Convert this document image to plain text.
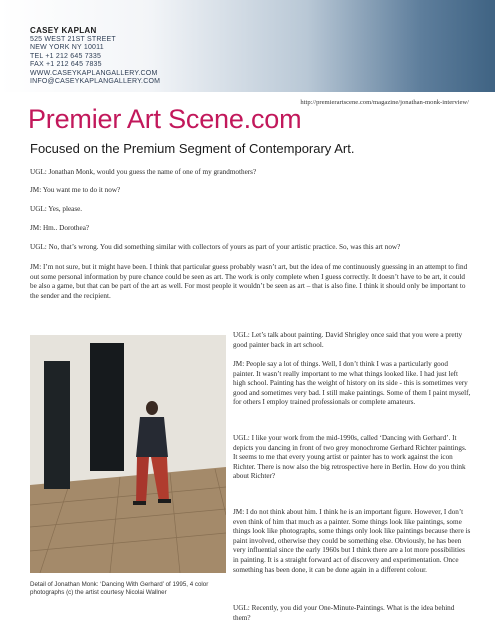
CASEY KAPLAN
525 WEST 21ST STREET
NEW YORK NY 10011
TEL +1 212 645 7335
FAX +1 212 645 7835
WWW.CASEYKAPLANGALLERY.COM
INFO@CASEYKAPLANGALLERY.COM
http://premierartscene.com/magazine/jonathan-monk-interview/
Premier Art Scene.com
Focused on the Premium Segment of Contemporary Art.

UGL: Jonathan Monk, would you guess the name of one of my grandmothers?

JM: You want me to do it now?

UGL: Yes, please.

JM: Hm.. Dorothea?

UGL: No, that’s wrong. You did something similar with collectors of yours as part of your artistic practice. So, was this art now?

JM: I’m not sure, but it might have been. I think that particular guess probably wasn’t art, but the idea of me continuously guessing in an attempt to find out some personal information by pure chance could be seen as art. The work is only complete when I guess correctly. It doesn’t have to be art, it could be also a game, but that can be part of the art as well. For most people it wouldn’t be seen as art – that is also fine. I think it should only be important to the sender and the recipient.

Detail of Jonathan Monk: ‘Dancing With Gerhard’ of 1995, 4 color photographs (c) the artist courtesy Nicolai Wallner

UGL: Let’s talk about painting. David Shrigley once said that you were a pretty good painter back in art school.

JM: People say a lot of things. Well, I don’t think I was a particularly good painter. It wasn’t really important to me what things looked like. I had just left high school. Painting has the weight of history on its side - this is sometimes very good and sometimes very bad. I still make paintings. Some of them I paint myself, for others I employ trained professionals or complete amateurs.

UGL: I like your work from the mid-1990s, called ‘Dancing with Gerhard’. It depicts you dancing in front of two grey monochrome Gerhard Richter paintings. It seems to me that every young artist or painter has to work against the icon Richter. There is now also the big retrospective here in Berlin. How do you think about Richter?

JM: I do not think about him. I think he is an important figure. However, I don’t even think of him that much as a painter. Some things look like paintings, some things look like photographs, some things only look like paintings because there is paint involved, otherwise they could be something else. Obviously, he has been very influential since the early 1960s but I think there are a lot more possibilities in painting. It is a straight forward act of discovery and experimentation. Once something has been done, it can be done again in a different colour.

UGL: Recently, you did your One-Minute-Paintings. What is the idea behind them?
